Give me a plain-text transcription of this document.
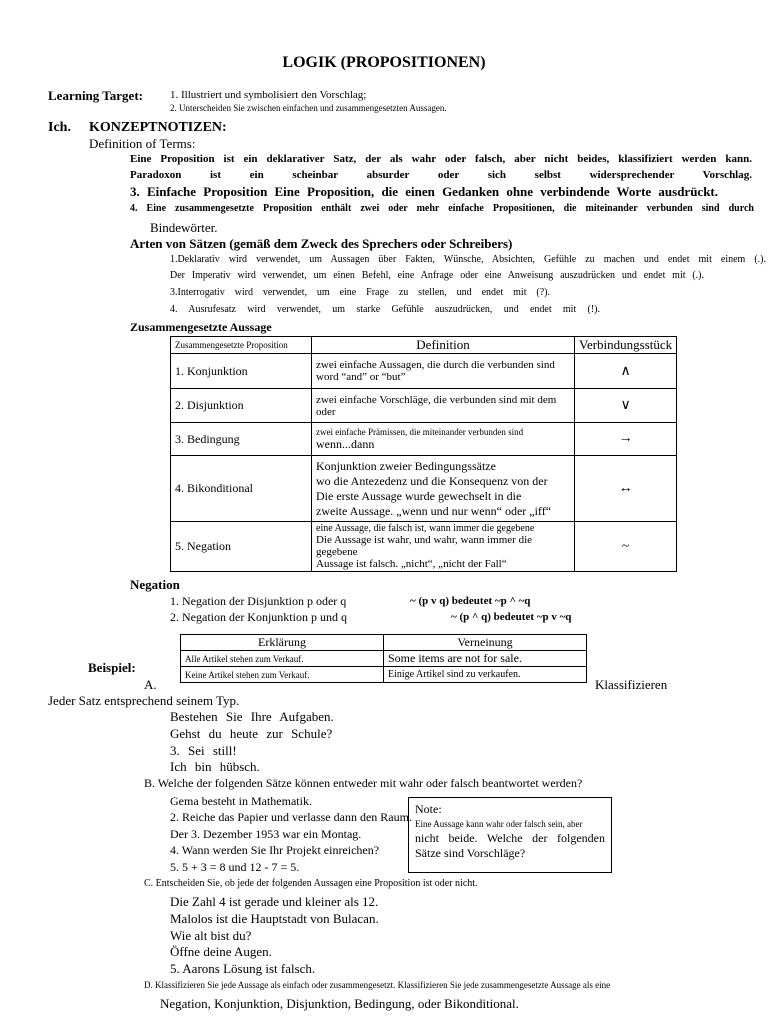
LOGIK (PROPOSITIONEN)
Learning Target: 1. Illustriert und symbolisiert den Vorschlag;
2. Unterscheiden Sie zwischen einfachen und zusammengesetzten Aussagen.
Ich. KONZEPTNOTIZEN:
Definition of Terms:
Eine Proposition ist ein deklarativer Satz, der als wahr oder falsch, aber nicht beides, klassifiziert werden kann.
Paradoxon ist ein scheinbar absurder oder sich selbst widersprechender Vorschlag.
3. Einfache Proposition Eine Proposition, die einen Gedanken ohne verbindende Worte ausdrückt.
4. Eine zusammengesetzte Proposition enthält zwei oder mehr einfache Propositionen, die miteinander verbunden sind durch
Bindewörter.
Arten von Sätzen (gemäß dem Zweck des Sprechers oder Schreibers)
1.Deklarativ wird verwendet, um Aussagen über Fakten, Wünsche, Absichten, Gefühle zu machen und endet mit einem (.).
Der Imperativ wird verwendet, um einen Befehl, eine Anfrage oder eine Anweisung auszudrücken und endet mit (.).
3.Interrogativ wird verwendet, um eine Frage zu stellen, und endet mit (?).
4. Ausrufesatz wird verwendet, um starke Gefühle auszudrücken, und endet mit (!).
Zusammengesetzte Aussage
Zusammengesetzte Proposition	Definition	Verbindungsstück
1. Konjunktion	zwei einfache Aussagen, die durch die verbunden sind
word “and” or “but”	∧
2. Disjunktion	zwei einfache Vorschläge, die verbunden sind mit dem
oder	∨
3. Bedingung	zwei einfache Prämissen, die miteinander verbunden sind
wenn...dann	→
4. Bikonditional	Konjunktion zweier Bedingungssätze
wo die Antezedenz und die Konsequenz von der
Die erste Aussage wurde gewechselt in die
zweite Aussage. „wenn und nur wenn“ oder „iff“	↔
5. Negation	eine Aussage, die falsch ist, wann immer die gegebene
Die Aussage ist wahr, und wahr, wann immer die gegebene
Aussage ist falsch. „nicht“, „nicht der Fall“	~
Negation
1. Negation der Disjunktion p oder q	~ (p v q) bedeutet ~p ^ ~q
2. Negation der Konjunktion p und q	~ (p ^ q) bedeutet ~p v ~q
Erklärung	Verneinung
Alle Artikel stehen zum Verkauf.	Some items are not for sale.
Keine Artikel stehen zum Verkauf.	Einige Artikel sind zu verkaufen.
Beispiel:
A.	Klassifizieren
Jeder Satz entsprechend seinem Typ.
Bestehen Sie Ihre Aufgaben.
Gehst du heute zur Schule?
3. Sei still!
Ich bin hübsch.
B. Welche der folgenden Sätze können entweder mit wahr oder falsch beantwortet werden?
Gema besteht in Mathematik.
2. Reiche das Papier und verlasse dann den Raum.
Der 3. Dezember 1953 war ein Montag.
4. Wann werden Sie Ihr Projekt einreichen?
5. 5 + 3 = 8 und 12 - 7 = 5.
Note:
Eine Aussage kann wahr oder falsch sein, aber
nicht beide. Welche der folgenden
Sätze sind Vorschläge?
C. Entscheiden Sie, ob jede der folgenden Aussagen eine Proposition ist oder nicht.
Die Zahl 4 ist gerade und kleiner als 12.
Malolos ist die Hauptstadt von Bulacan.
Wie alt bist du?
Öffne deine Augen.
5. Aarons Lösung ist falsch.
D. Klassifizieren Sie jede Aussage als einfach oder zusammengesetzt. Klassifizieren Sie jede zusammengesetzte Aussage als eine
Negation, Konjunktion, Disjunktion, Bedingung, oder Bikonditional.
